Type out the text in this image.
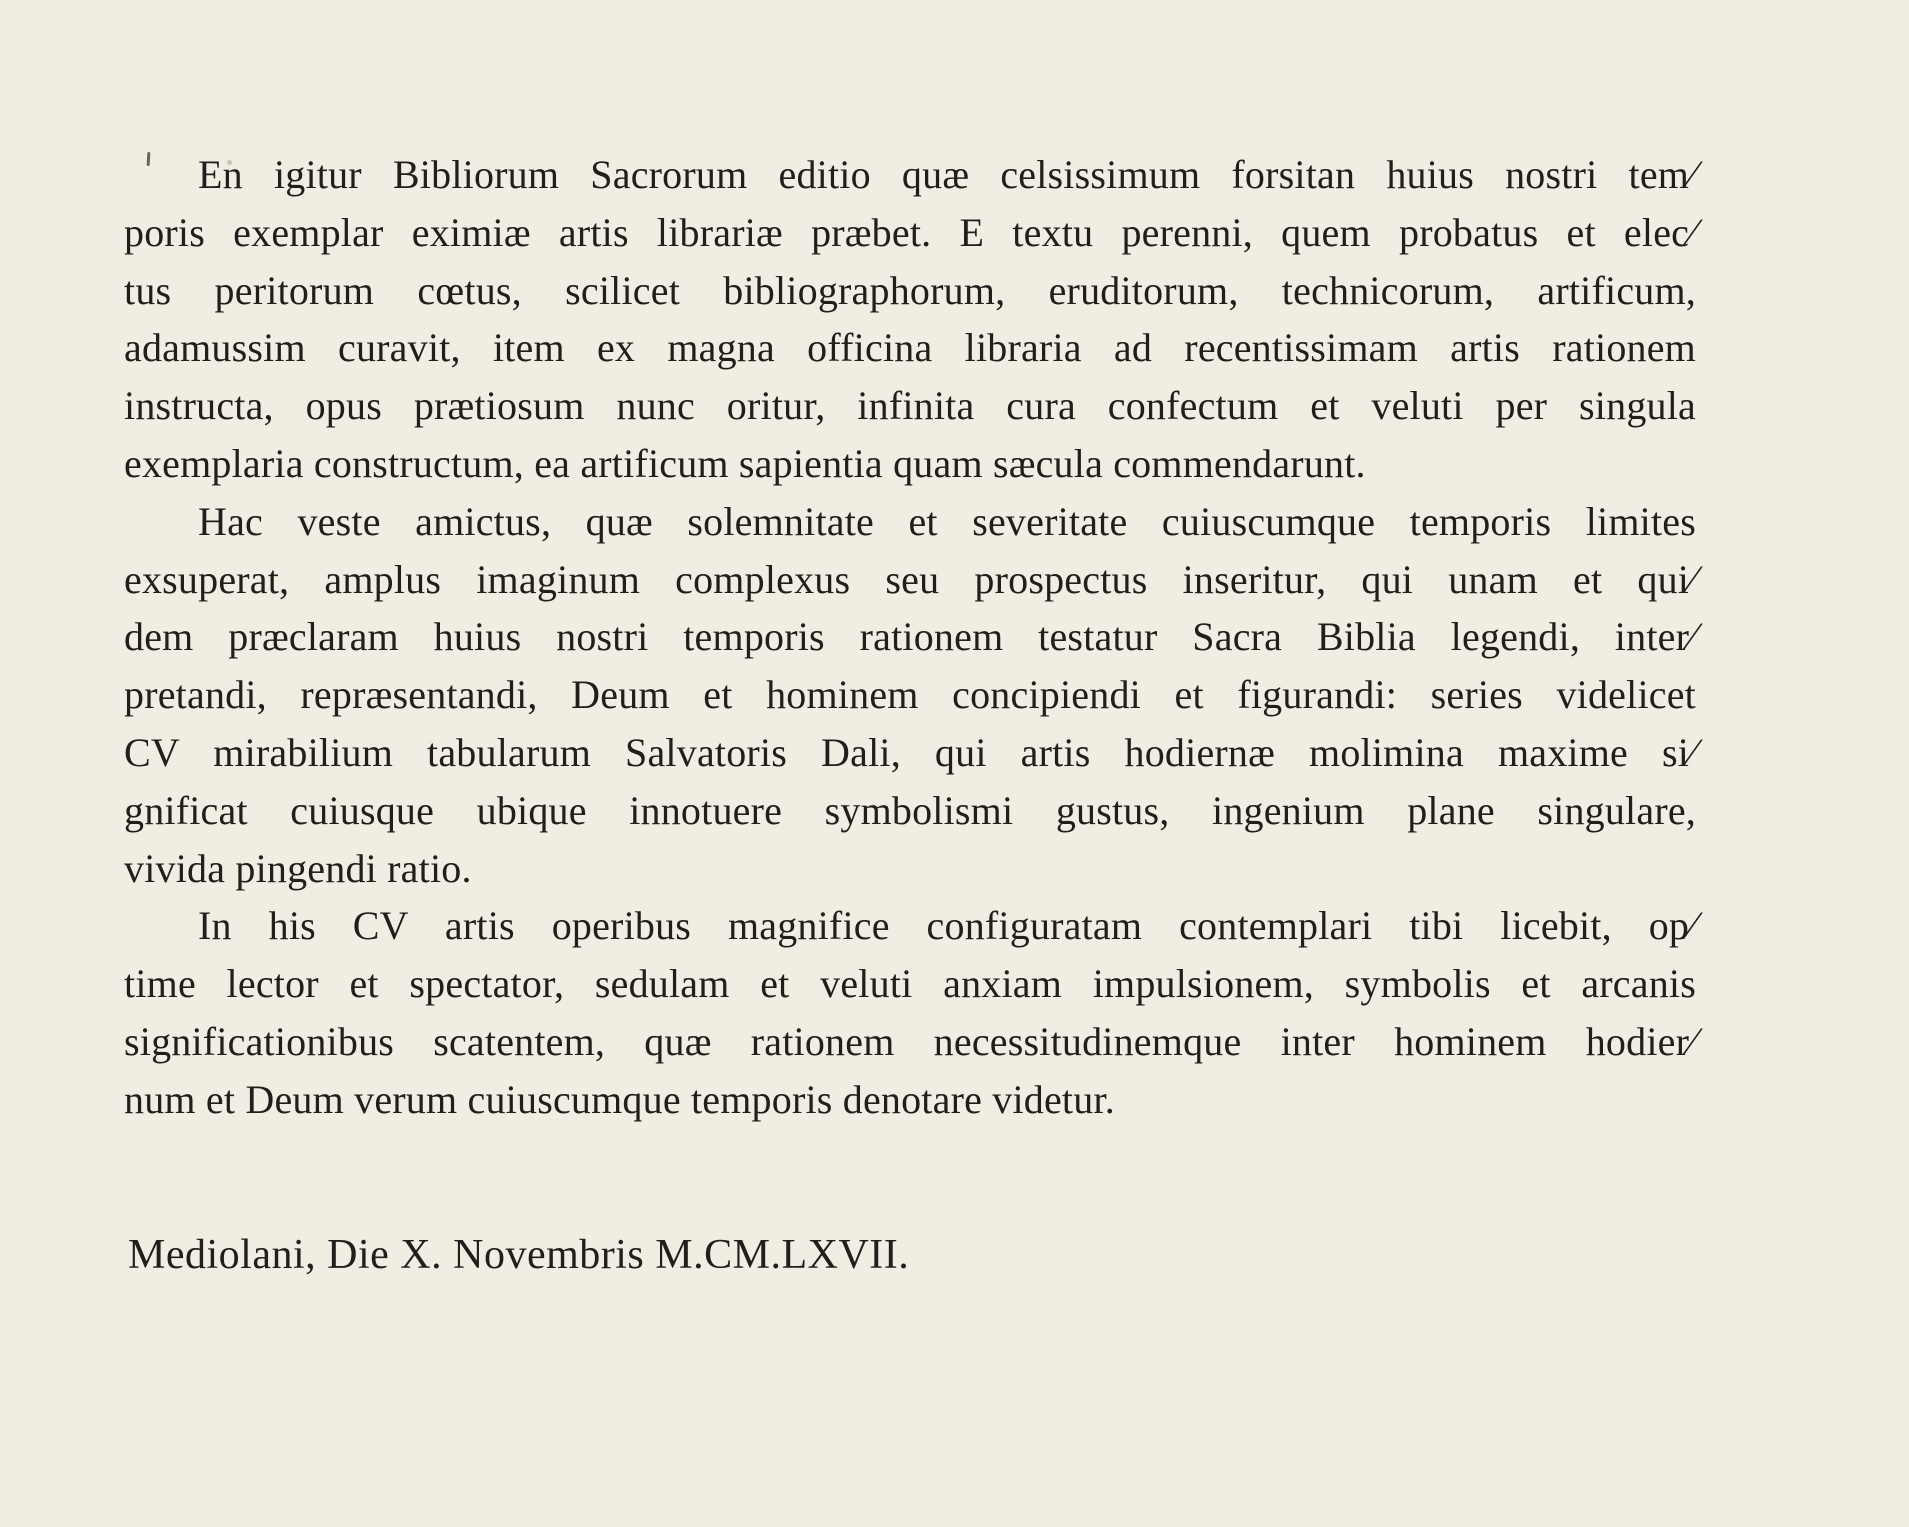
En igitur Bibliorum Sacrorum editio quæ celsissimum forsitan huius nostri tem⁄
poris exemplar eximiæ artis librariæ præbet. E textu perenni, quem probatus et elec⁄
tus peritorum cœtus, scilicet bibliographorum, eruditorum, technicorum, artificum,
adamussim curavit, item ex magna officina libraria ad recentissimam artis rationem
instructa, opus prætiosum nunc oritur, infinita cura confectum et veluti per singula
exemplaria constructum, ea artificum sapientia quam sæcula commendarunt.
Hac veste amictus, quæ solemnitate et severitate cuiuscumque temporis limites
exsuperat, amplus imaginum complexus seu prospectus inseritur, qui unam et qui⁄
dem præclaram huius nostri temporis rationem testatur Sacra Biblia legendi, inter⁄
pretandi, repræsentandi, Deum et hominem concipiendi et figurandi: series videlicet
CV mirabilium tabularum Salvatoris Dali, qui artis hodiernæ molimina maxime si⁄
gnificat cuiusque ubique innotuere symbolismi gustus, ingenium plane singulare,
vivida pingendi ratio.
In his CV artis operibus magnifice configuratam contemplari tibi licebit, op⁄
time lector et spectator, sedulam et veluti anxiam impulsionem, symbolis et arcanis
significationibus scatentem, quæ rationem necessitudinemque inter hominem hodier⁄
num et Deum verum cuiuscumque temporis denotare videtur.
Mediolani, Die X. Novembris M.CM.LXVII.
